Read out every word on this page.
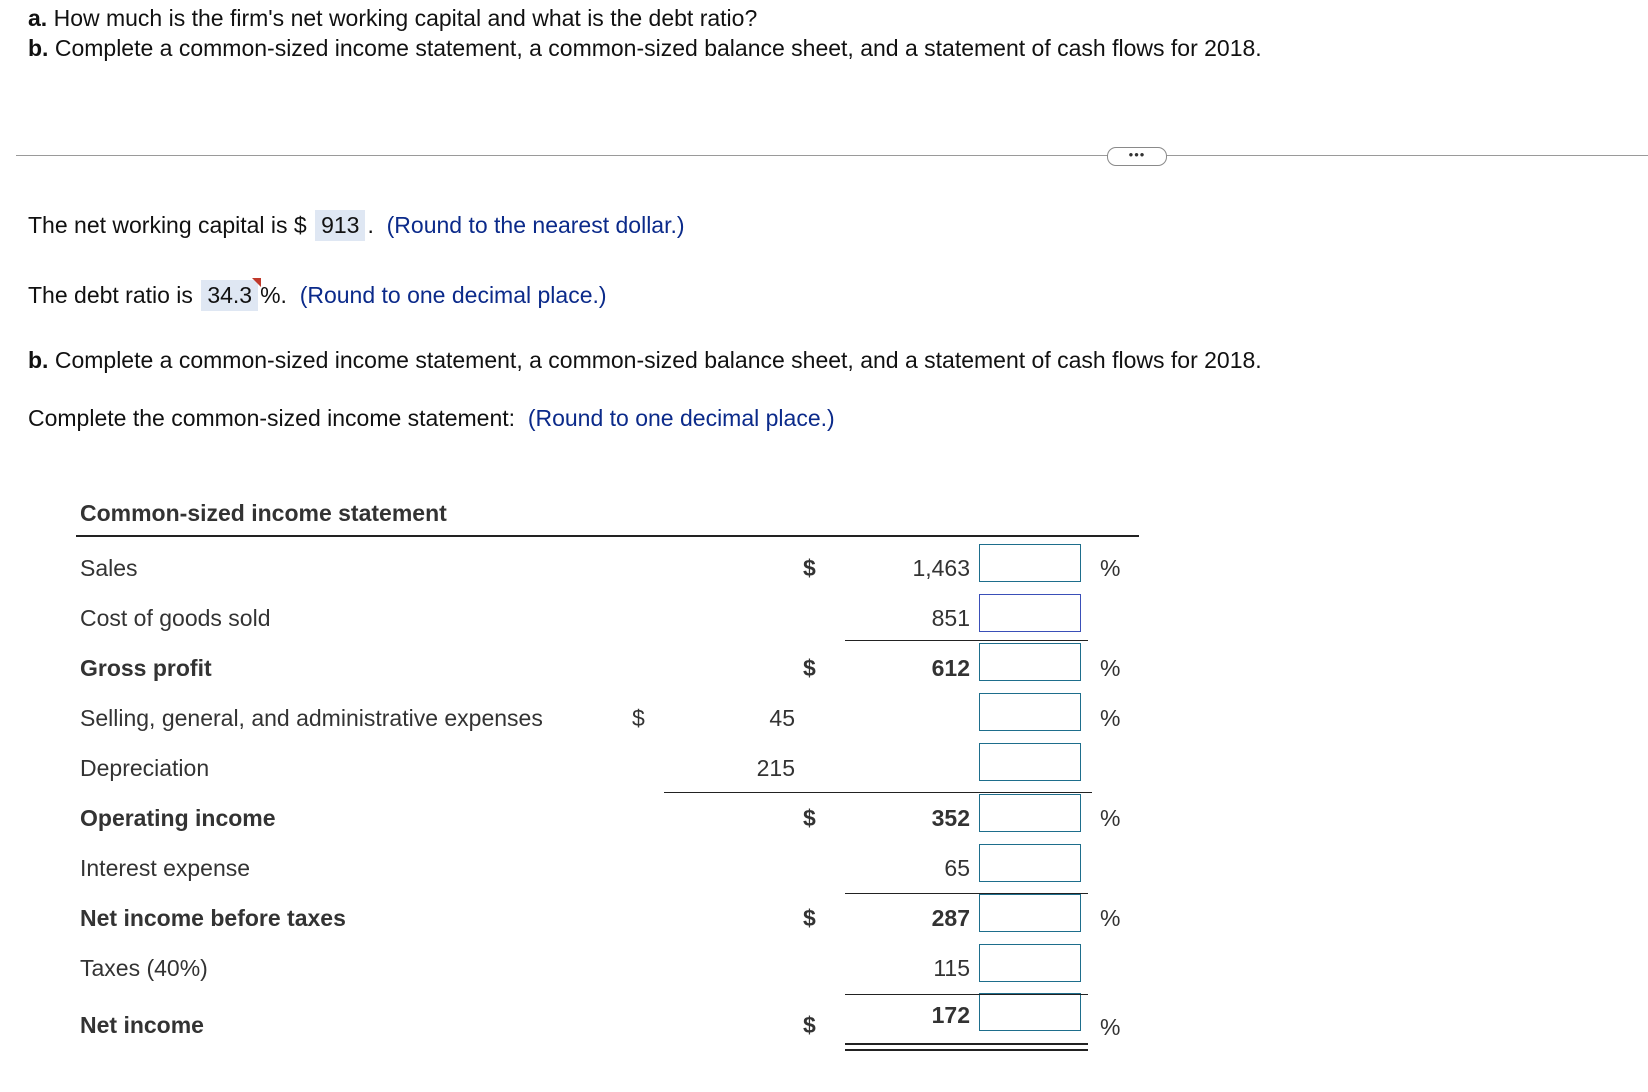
a. How much is the firm's net working capital and what is the debt ratio?
b. Complete a common-sized income statement, a common-sized balance sheet, and a statement of cash flows for 2018.
•••
The net working capital is $ 913 . (Round to the nearest dollar.)
The debt ratio is 34.3 %. (Round to one decimal place.)
b. Complete a common-sized income statement, a common-sized balance sheet, and a statement of cash flows for 2018.
Complete the common-sized income statement: (Round to one decimal place.)
Common-sized income statement
Sales	$	1,463	%
Cost of goods sold	851
Gross profit	$	612	%
Selling, general, and administrative expenses	$	45	%
Depreciation	215
Operating income	$	352	%
Interest expense	65
Net income before taxes	$	287	%
Taxes (40%)	115
Net income	$	172	%
